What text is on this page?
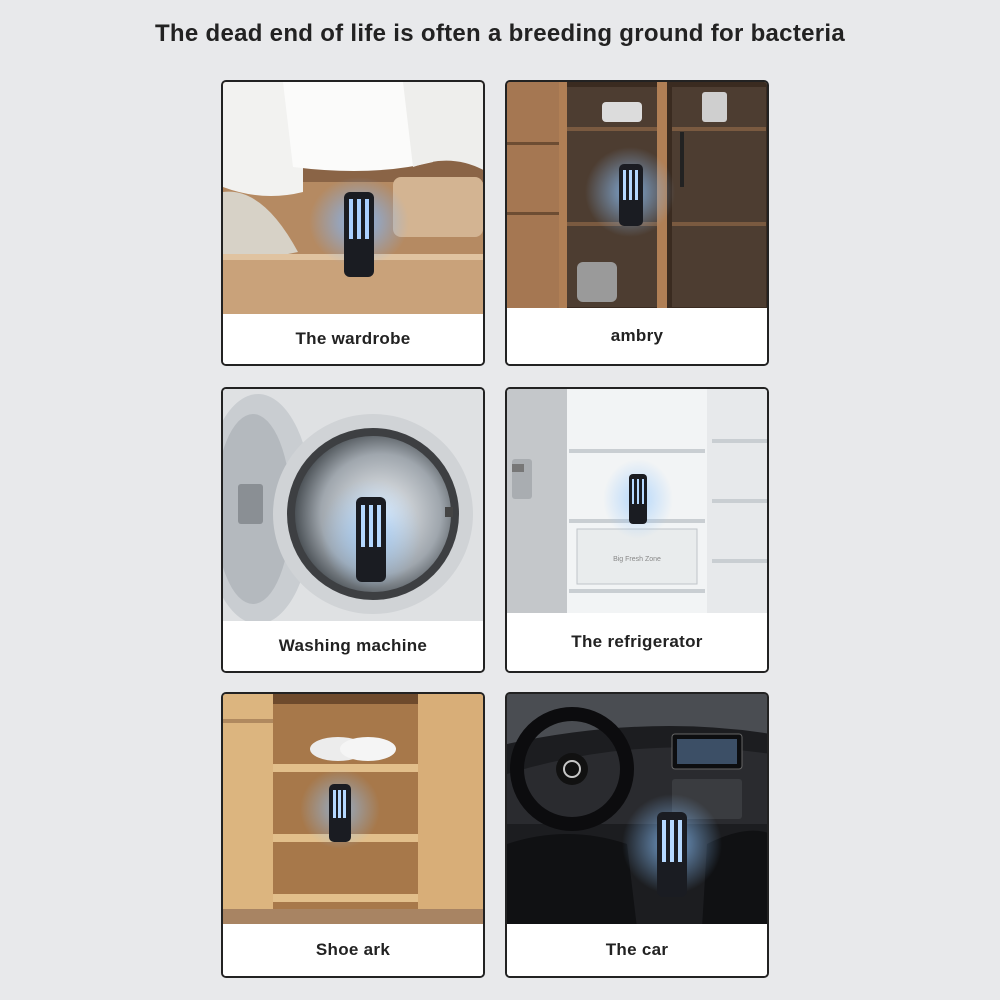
The dead end of life is often a breeding ground for bacteria
The wardrobe	ambry
Washing machine
Big Fresh Zone
The refrigerator
Shoe ark	The car
